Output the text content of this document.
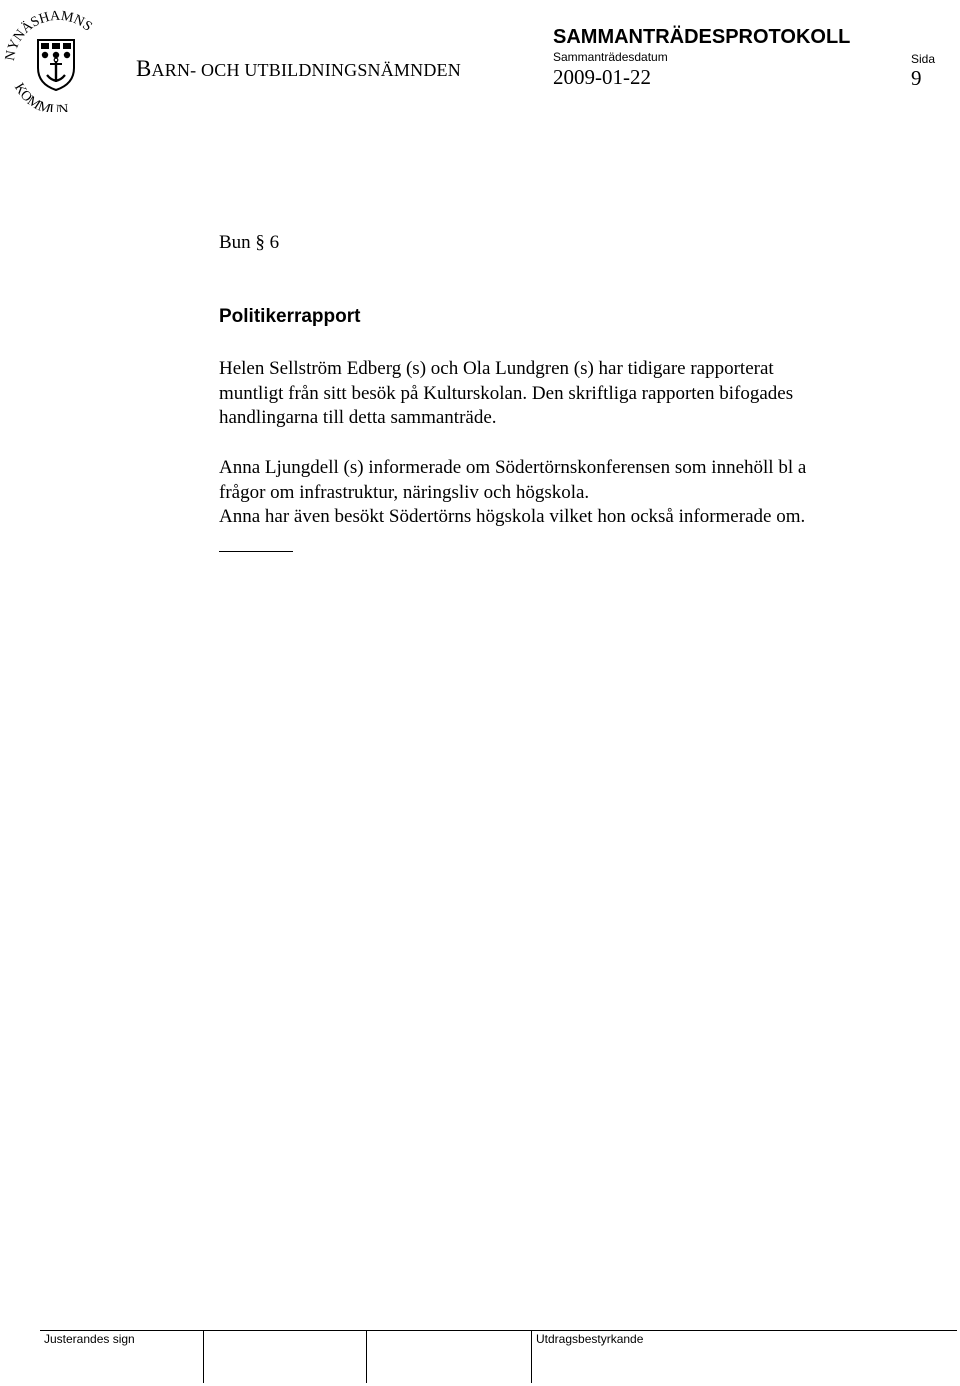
NYNÄSHAMNS
KOMMUN
BARN- OCH UTBILDNINGSNÄMNDEN
SAMMANTRÄDESPROTOKOLL
Sammanträdesdatum
2009-01-22
Sida
9
Bun § 6
Politikerrapport
Helen Sellström Edberg (s) och Ola Lundgren (s) har tidigare rapporterat
muntligt från sitt besök på Kulturskolan. Den skriftliga rapporten bifogades
handlingarna till detta sammanträde.
Anna Ljungdell (s) informerade om Södertörnskonferensen som innehöll bl a
frågor om infrastruktur, näringsliv och högskola.
Anna har även besökt Södertörns högskola vilket hon också informerade om.
Justerandes sign	Utdragsbestyrkande
